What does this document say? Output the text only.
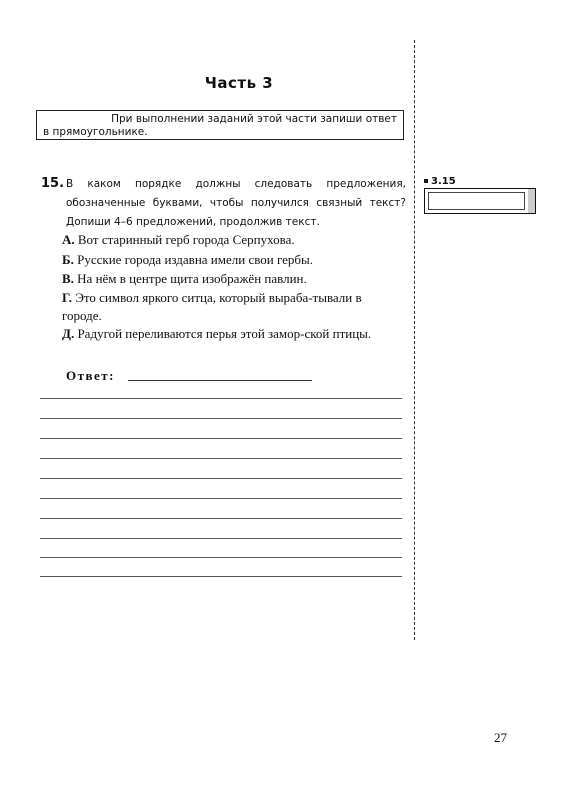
Часть 3
При выполнении заданий этой части запиши ответ
в прямоугольнике.
15. В каком порядке должны следовать предложения, обозначенные буквами, чтобы получился связный текст? Допиши 4–6 предложений, продолжив текст.
А. Вот старинный герб города Серпухова.
Б. Русские города издавна имели свои гербы.
В. На нём в центре щита изображён павлин.
Г. Это символ яркого ситца, который выраба-тывали в городе.
Д. Радугой переливаются перья этой замор-ской птицы.
Ответ:
3.15
27
